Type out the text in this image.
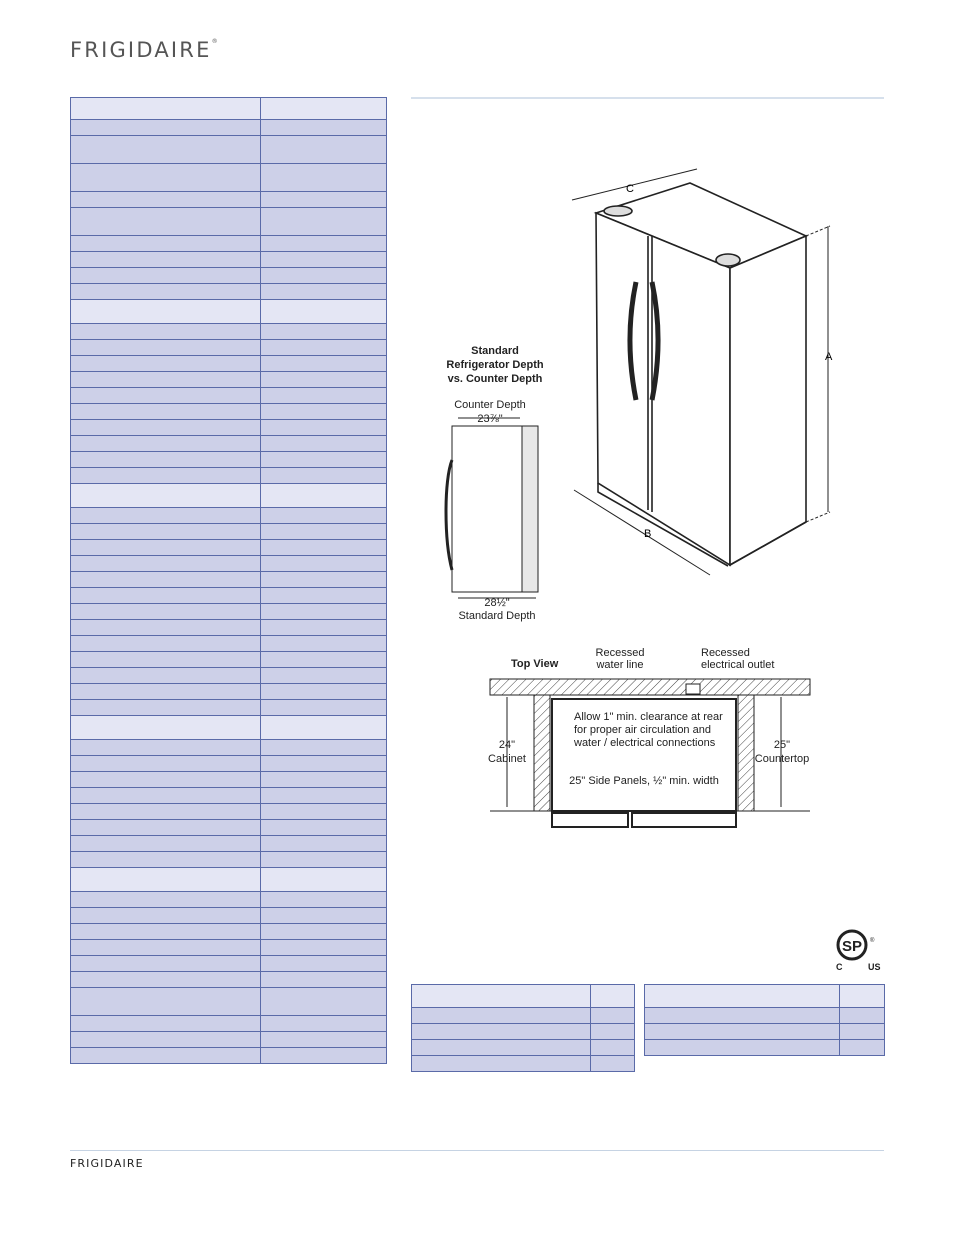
FRIGIDAIRE®

C
A
B
Standard
Refrigerator Depth
vs. Counter Depth
Counter Depth
23⅞"
28½"
Standard Depth
Top View
Recessed
water line
Recessed
electrical outlet
Allow 1" min. clearance at rear
for proper air circulation and
water / electrical connections
25" Side Panels, ½" min. width
24"
Cabinet
25"
Countertop
SP ®
C	US

FRIGIDAIRE
